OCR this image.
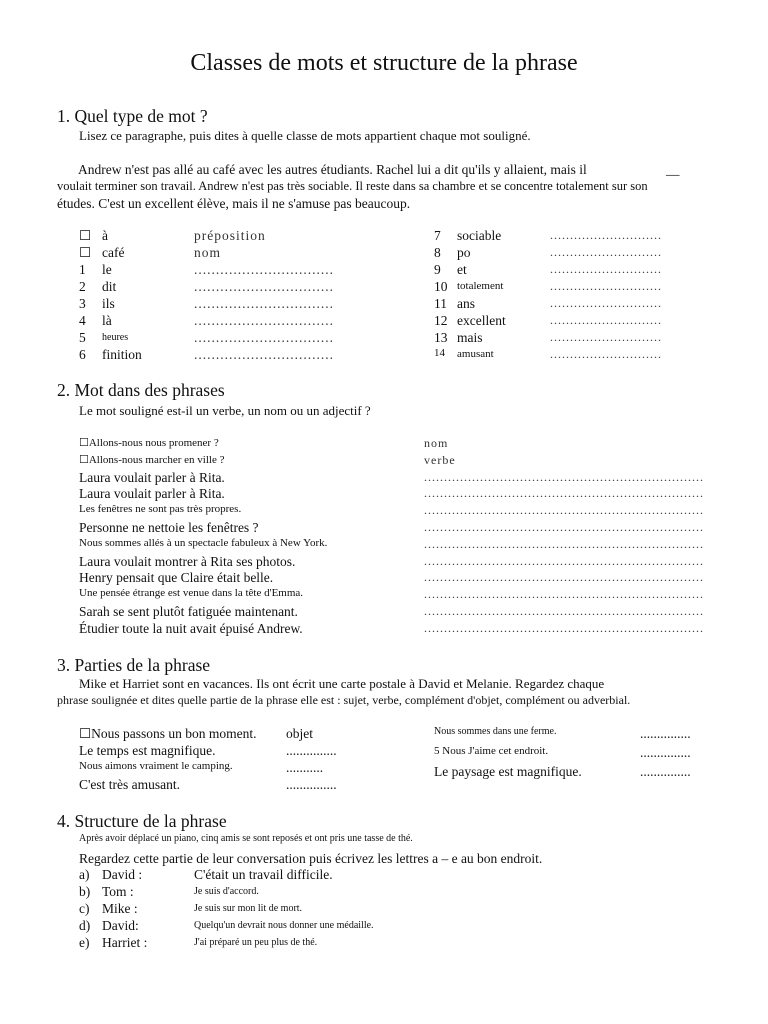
Classes de mots et structure de la phrase
1. Quel type de mot ?
Lisez ce paragraphe, puis dites à quelle classe de mots appartient chaque mot souligné.
Andrew n'est pas allé au café avec les autres étudiants. Rachel lui a dit qu'ils y allaient, mais il	__
voulait terminer son travail. Andrew n'est pas très sociable. Il reste dans sa chambre et se concentre totalement sur son
études. C'est un excellent élève, mais il ne s'amuse pas beaucoup.
☐ à	préposition
☐ café	nom
1	le	................................
2	dit	................................
3	ils	................................
4	là	................................
5	heures	................................
6	finition	................................
7 sociable	............................
8 po	............................
9 et	............................
10 totalement	............................
11 ans	............................
12 excellent	............................
13 mais	............................
14 amusant	............................
2. Mot dans des phrases
Le mot souligné est-il un verbe, un nom ou un adjectif ?
☐Allons-nous nous promener ?	nom
☐Allons-nous marcher en ville ?	verbe
Laura voulait parler à Rita.	......................................................................
Laura voulait parler à Rita.	......................................................................
Les fenêtres ne sont pas très propres.	......................................................................
Personne ne nettoie les fenêtres ?	......................................................................
Nous sommes allés à un spectacle fabuleux à New York.	......................................................................
Laura voulait montrer à Rita ses photos.	......................................................................
Henry pensait que Claire était belle.	......................................................................
Une pensée étrange est venue dans la tête d'Emma.	......................................................................
Sarah se sent plutôt fatiguée maintenant.	......................................................................
Étudier toute la nuit avait épuisé Andrew.	......................................................................
3. Parties de la phrase
Mike et Harriet sont en vacances. Ils ont écrit une carte postale à David et Melanie. Regardez chaque
phrase soulignée et dites quelle partie de la phrase elle est : sujet, verbe, complément d'objet, complément ou adverbial.
☐Nous passons un bon moment. objet
Le temps est magnifique.	...............
Nous aimons vraiment le camping.	...........
C'est très amusant.	...............
Nous sommes dans une ferme.	...............
5 Nous J'aime cet endroit.	...............
Le paysage est magnifique.	...............
4. Structure de la phrase
Après avoir déplacé un piano, cinq amis se sont reposés et ont pris une tasse de thé.
Regardez cette partie de leur conversation puis écrivez les lettres a – e au bon endroit.
a) David :	C'était un travail difficile.
b) Tom :	Je suis d'accord.
c) Mike :	Je suis sur mon lit de mort.
d) David:	Quelqu'un devrait nous donner une médaille.
e) Harriet :	J'ai préparé un peu plus de thé.
